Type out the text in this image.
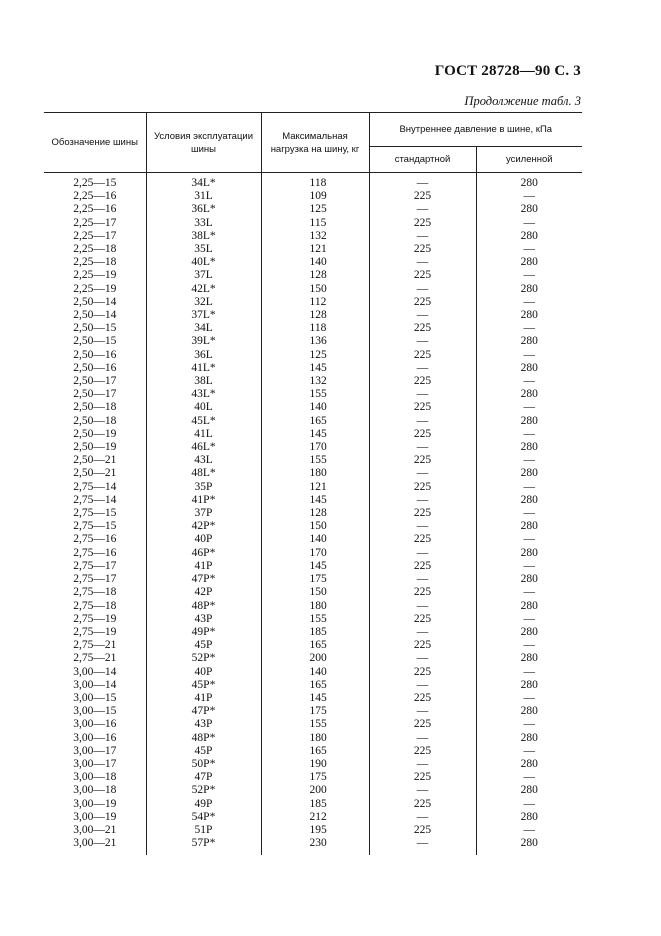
ГОСТ 28728—90 С. 3
Продолжение табл. 3
Обозначение шины	Условия эксплуатации шины	Максимальная нагрузка на шину, кг	Внутреннее давление в шине, кПа	
			стандартной	усиленной
2,25—15	34L*	118	—	280
2,25—16	31L	109	225	—
2,25—16	36L*	125	—	280
2,25—17	33L	115	225	—
2,25—17	38L*	132	—	280
2,25—18	35L	121	225	—
2,25—18	40L*	140	—	280
2,25—19	37L	128	225	—
2,25—19	42L*	150	—	280
2,50—14	32L	112	225	—
2,50—14	37L*	128	—	280
2,50—15	34L	118	225	—
2,50—15	39L*	136	—	280
2,50—16	36L	125	225	—
2,50—16	41L*	145	—	280
2,50—17	38L	132	225	—
2,50—17	43L*	155	—	280
2,50—18	40L	140	225	—
2,50—18	45L*	165	—	280
2,50—19	41L	145	225	—
2,50—19	46L*	170	—	280
2,50—21	43L	155	225	—
2,50—21	48L*	180	—	280
2,75—14	35P	121	225	—
2,75—14	41P*	145	—	280
2,75—15	37P	128	225	—
2,75—15	42P*	150	—	280
2,75—16	40P	140	225	—
2,75—16	46P*	170	—	280
2,75—17	41P	145	225	—
2,75—17	47P*	175	—	280
2,75—18	42P	150	225	—
2,75—18	48P*	180	—	280
2,75—19	43P	155	225	—
2,75—19	49P*	185	—	280
2,75—21	45P	165	225	—
2,75—21	52P*	200	—	280
3,00—14	40P	140	225	—
3,00—14	45P*	165	—	280
3,00—15	41P	145	225	—
3,00—15	47P*	175	—	280
3,00—16	43P	155	225	—
3,00—16	48P*	180	—	280
3,00—17	45P	165	225	—
3,00—17	50P*	190	—	280
3,00—18	47P	175	225	—
3,00—18	52P*	200	—	280
3,00—19	49P	185	225	—
3,00—19	54P*	212	—	280
3,00—21	51P	195	225	—
3,00—21	57P*	230	—	280
